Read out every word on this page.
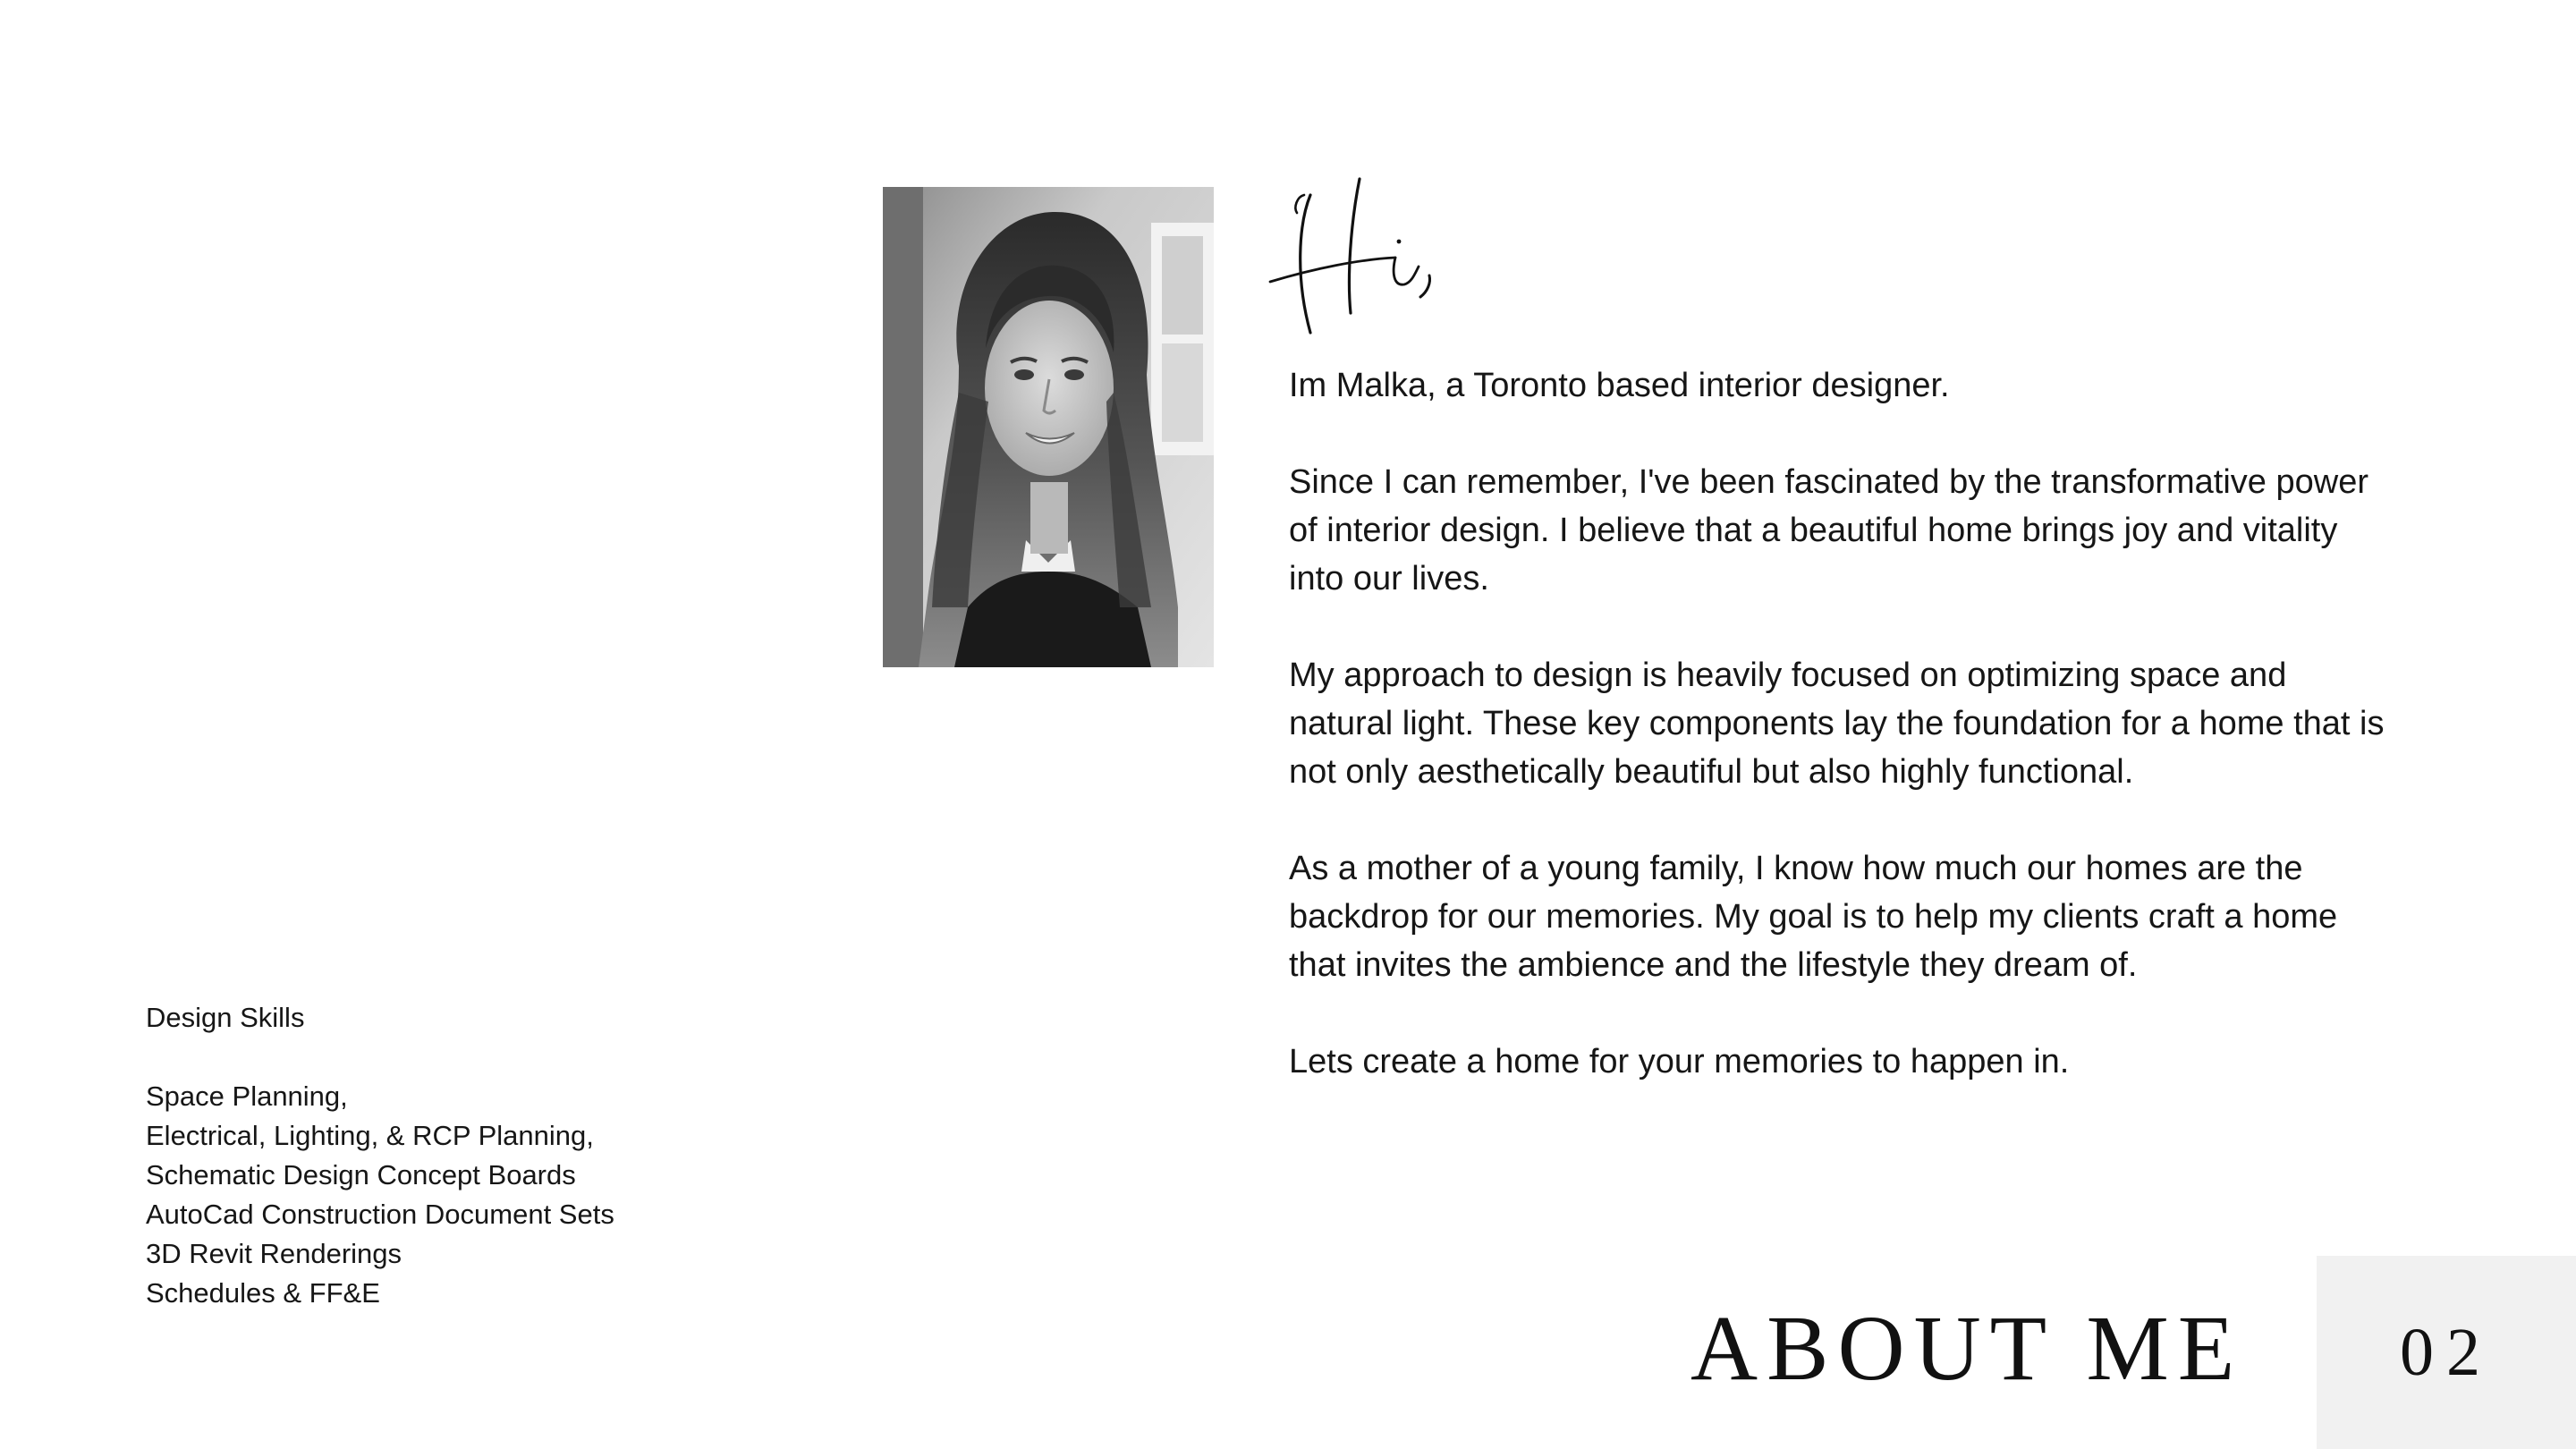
Im Malka, a Toronto based interior designer.

Since I can remember, I've been fascinated by the transformative power of interior design. I believe that a beautiful home brings joy and vitality into our lives.

My approach to design is heavily focused on optimizing space and natural light. These key components lay the foundation for a home that is not only aesthetically beautiful but also highly functional.

As a mother of a young family, I know how much our homes are the backdrop for our memories. My goal is to help my clients craft a home that invites the ambience and the lifestyle they dream of.

Lets create a home for your memories to happen in.

Design Skills
Space Planning,
Electrical, Lighting, & RCP Planning,
Schematic Design Concept Boards
AutoCad Construction Document Sets
3D Revit Renderings
Schedules & FF&E
ABOUT ME	02
